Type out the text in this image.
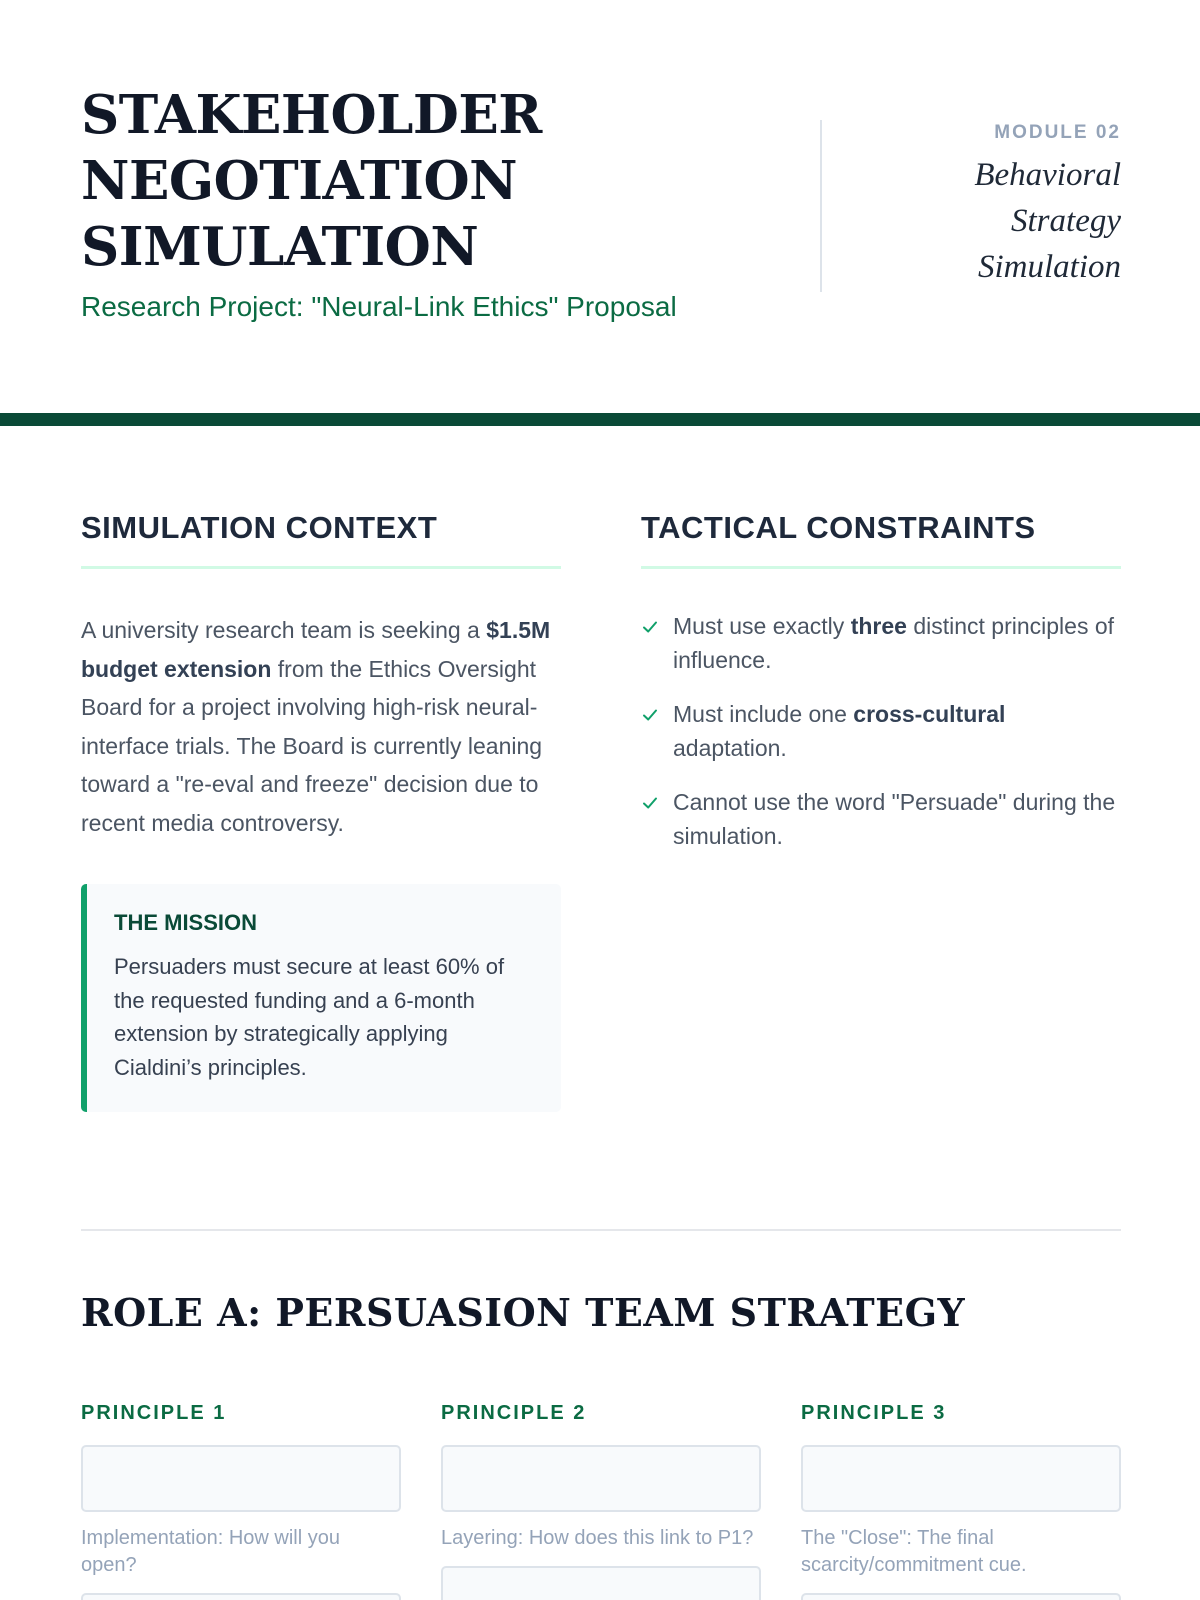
STAKEHOLDER
NEGOTIATION
SIMULATION
Research Project: "Neural-Link Ethics" Proposal
MODULE 02
Behavioral
Strategy
Simulation
SIMULATION CONTEXT

A university research team is seeking a $1.5M budget extension from the Ethics Oversight Board for a project involving high-risk neural-interface trials. The Board is currently leaning toward a "re-eval and freeze" decision due to recent media controversy.

THE MISSION

Persuaders must secure at least 60% of the requested funding and a 6-month extension by strategically applying Cialdini’s principles.

TACTICAL CONSTRAINTS
Must use exactly three distinct principles of influence.
Must include one cross-cultural adaptation.
Cannot use the word "Persuade" during the simulation.
ROLE A: PERSUASION TEAM STRATEGY
PRINCIPLE 1
Implementation: How will you open?
PRINCIPLE 2
Layering: How does this link to P1?
PRINCIPLE 3
The "Close": The final scarcity/commitment cue.
